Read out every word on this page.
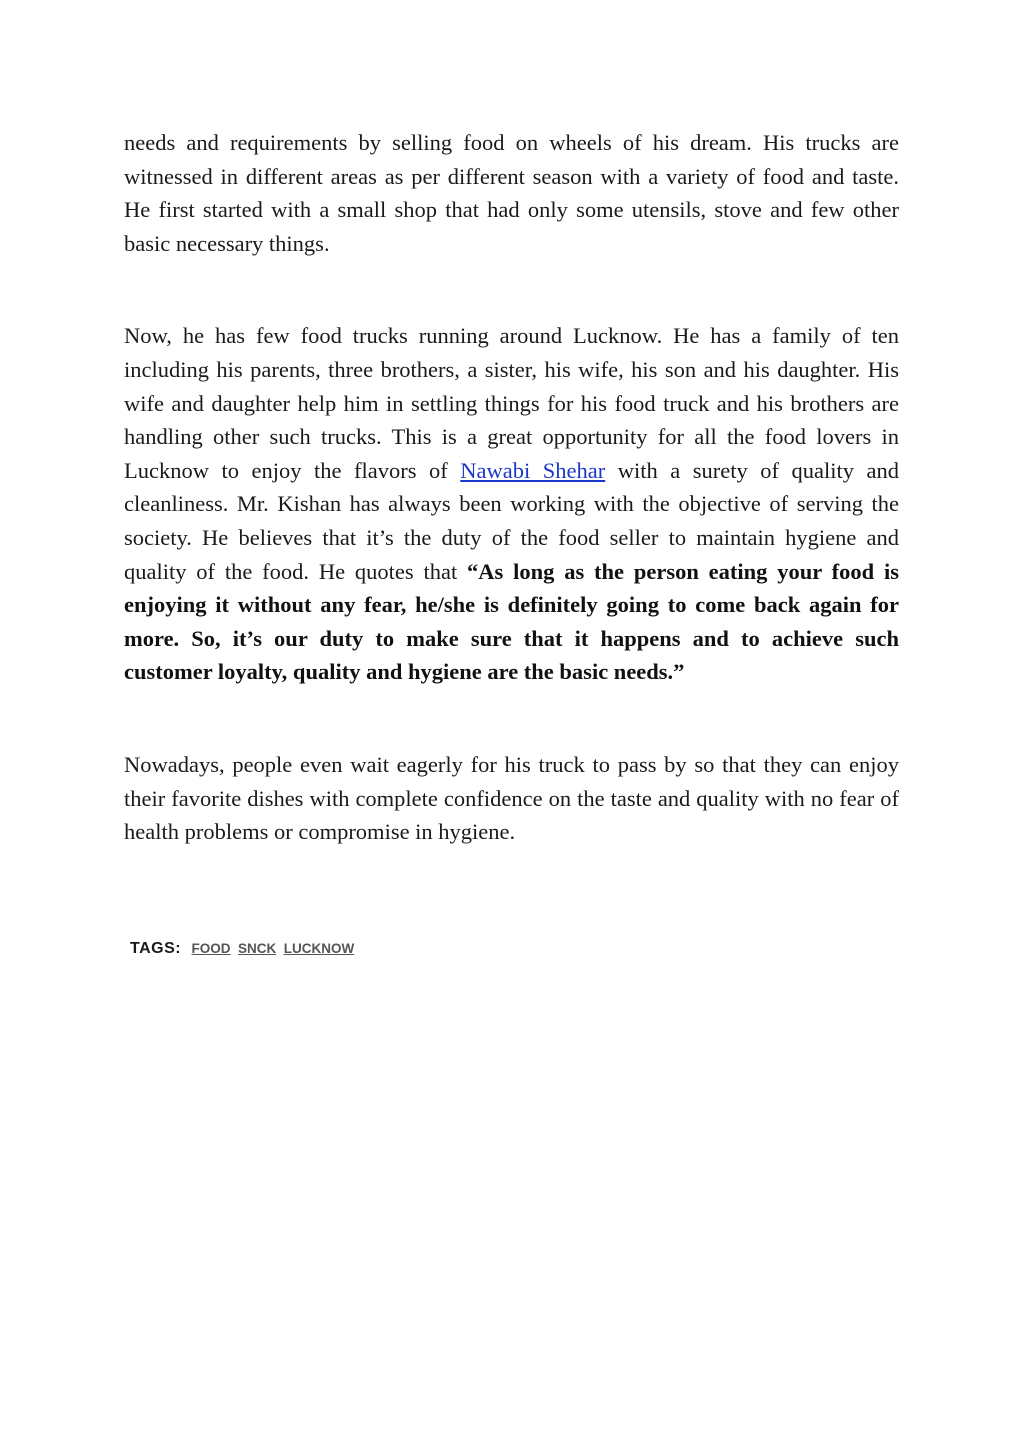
needs and requirements by selling food on wheels of his dream. His trucks are witnessed in different areas as per different season with a variety of food and taste. He first started with a small shop that had only some utensils, stove and few other basic necessary things.

Now, he has few food trucks running around Lucknow. He has a family of ten including his parents, three brothers, a sister, his wife, his son and his daughter. His wife and daughter help him in settling things for his food truck and his brothers are handling other such trucks. This is a great opportunity for all the food lovers in Lucknow to enjoy the flavors of Nawabi Shehar with a surety of quality and cleanliness. Mr. Kishan has always been working with the objective of serving the society. He believes that it’s the duty of the food seller to maintain hygiene and quality of the food. He quotes that “As long as the person eating your food is enjoying it without any fear, he/she is definitely going to come back again for more. So, it’s our duty to make sure that it happens and to achieve such customer loyalty, quality and hygiene are the basic needs.”

Nowadays, people even wait eagerly for his truck to pass by so that they can enjoy their favorite dishes with complete confidence on the taste and quality with no fear of health problems or compromise in hygiene.

TAGS: FOOD SNCK LUCKNOW
